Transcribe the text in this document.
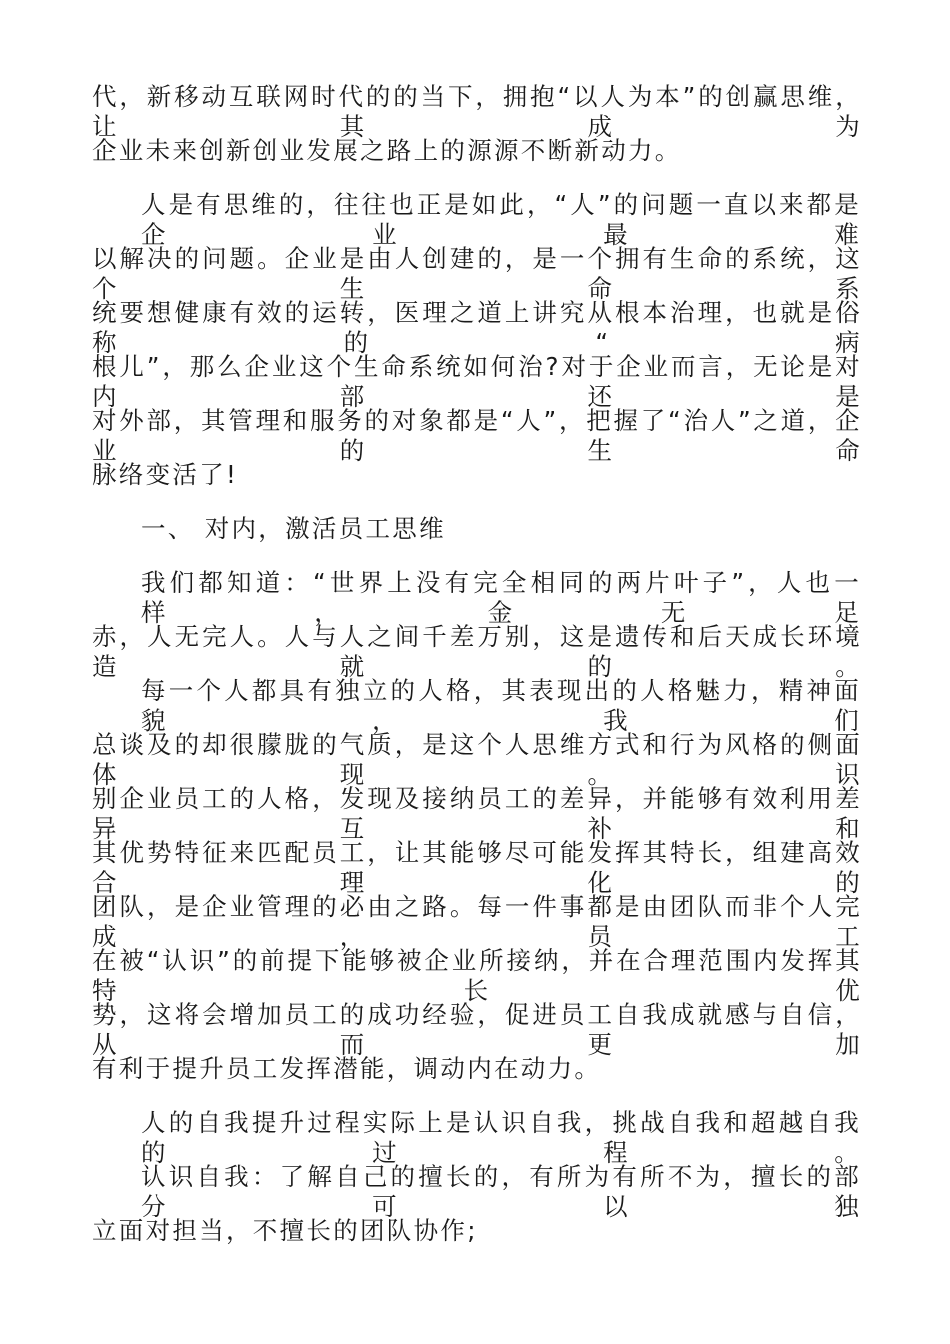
代，新移动互联网时代的的当下，拥抱“以人为本”的创赢思维，让其成为
企业未来创新创业发展之路上的源源不断新动力。
人是有思维的，往往也正是如此，“人”的问题一直以来都是企业最难
以解决的问题。企业是由人创建的，是一个拥有生命的系统，这个生命系
统要想健康有效的运转，医理之道上讲究从根本治理，也就是俗称的“病
根儿”，那么企业这个生命系统如何治?对于企业而言，无论是对内部还是
对外部，其管理和服务的对象都是“人”，把握了“治人”之道，企业的生命
脉络变活了!
一、 对内，激活员工思维
我们都知道：“世界上没有完全相同的两片叶子”，人也一样，金无足
赤，人无完人。人与人之间千差万别，这是遗传和后天成长环境造就的。
每一个人都具有独立的人格，其表现出的人格魅力，精神面貌，我们
总谈及的却很朦胧的气质，是这个人思维方式和行为风格的侧面体现。识
别企业员工的人格，发现及接纳员工的差异，并能够有效利用差异互补和
其优势特征来匹配员工，让其能够尽可能发挥其特长，组建高效合理化的
团队，是企业管理的必由之路。每一件事都是由团队而非个人完成，员工
在被“认识”的前提下能够被企业所接纳，并在合理范围内发挥其特长优
势，这将会增加员工的成功经验，促进员工自我成就感与自信，从而更加
有利于提升员工发挥潜能，调动内在动力。
人的自我提升过程实际上是认识自我，挑战自我和超越自我的过程。
认识自我：了解自己的擅长的，有所为有所不为，擅长的部分可以独
立面对担当，不擅长的团队协作;
